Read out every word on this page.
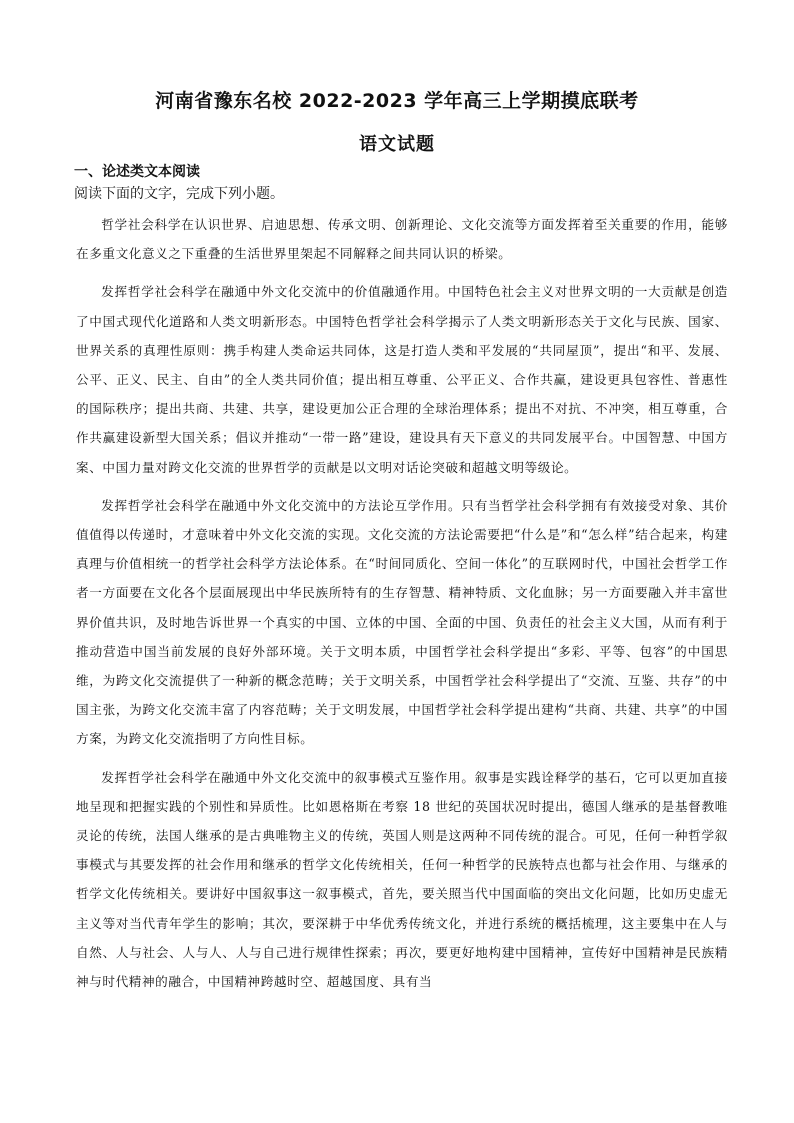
河南省豫东名校 2022-2023 学年高三上学期摸底联考
语文试题
一、论述类文本阅读
阅读下面的文字，完成下列小题。

哲学社会科学在认识世界、启迪思想、传承文明、创新理论、文化交流等方面发挥着至关重要的作用，能够在多重文化意义之下重叠的生活世界里架起不同解释之间共同认识的桥梁。

发挥哲学社会科学在融通中外文化交流中的价值融通作用。中国特色社会主义对世界文明的一大贡献是创造了中国式现代化道路和人类文明新形态。中国特色哲学社会科学揭示了人类文明新形态关于文化与民族、国家、世界关系的真理性原则：携手构建人类命运共同体，这是打造人类和平发展的“共同屋顶”，提出“和平、发展、公平、正义、民主、自由”的全人类共同价值；提出相互尊重、公平正义、合作共赢，建设更具包容性、普惠性的国际秩序；提出共商、共建、共享，建设更加公正合理的全球治理体系；提出不对抗、不冲突，相互尊重，合作共赢建设新型大国关系；倡议并推动“一带一路”建设，建设具有天下意义的共同发展平台。中国智慧、中国方案、中国力量对跨文化交流的世界哲学的贡献是以文明对话论突破和超越文明等级论。

发挥哲学社会科学在融通中外文化交流中的方法论互学作用。只有当哲学社会科学拥有有效接受对象、其价值值得以传递时，才意味着中外文化交流的实现。文化交流的方法论需要把“什么是”和“怎么样”结合起来，构建真理与价值相统一的哲学社会科学方法论体系。在“时间同质化、空间一体化”的互联网时代，中国社会哲学工作者一方面要在文化各个层面展现出中华民族所特有的生存智慧、精神特质、文化血脉；另一方面要融入并丰富世界价值共识，及时地告诉世界一个真实的中国、立体的中国、全面的中国、负责任的社会主义大国，从而有利于推动营造中国当前发展的良好外部环境。关于文明本质，中国哲学社会科学提出“多彩、平等、包容”的中国思维，为跨文化交流提供了一种新的概念范畴；关于文明关系，中国哲学社会科学提出了“交流、互鉴、共存”的中国主张，为跨文化交流丰富了内容范畴；关于文明发展，中国哲学社会科学提出建构“共商、共建、共享”的中国方案，为跨文化交流指明了方向性目标。

发挥哲学社会科学在融通中外文化交流中的叙事模式互鉴作用。叙事是实践诠释学的基石，它可以更加直接地呈现和把握实践的个别性和异质性。比如恩格斯在考察 18 世纪的英国状况时提出，德国人继承的是基督教唯灵论的传统，法国人继承的是古典唯物主义的传统，英国人则是这两种不同传统的混合。可见，任何一种哲学叙事模式与其要发挥的社会作用和继承的哲学文化传统相关，任何一种哲学的民族特点也都与社会作用、与继承的哲学文化传统相关。要讲好中国叙事这一叙事模式，首先，要关照当代中国面临的突出文化问题，比如历史虚无主义等对当代青年学生的影响；其次，要深耕于中华优秀传统文化，并进行系统的概括梳理，这主要集中在人与自然、人与社会、人与人、人与自己进行规律性探索；再次，要更好地构建中国精神，宣传好中国精神是民族精神与时代精神的融合，中国精神跨越时空、超越国度、具有当
